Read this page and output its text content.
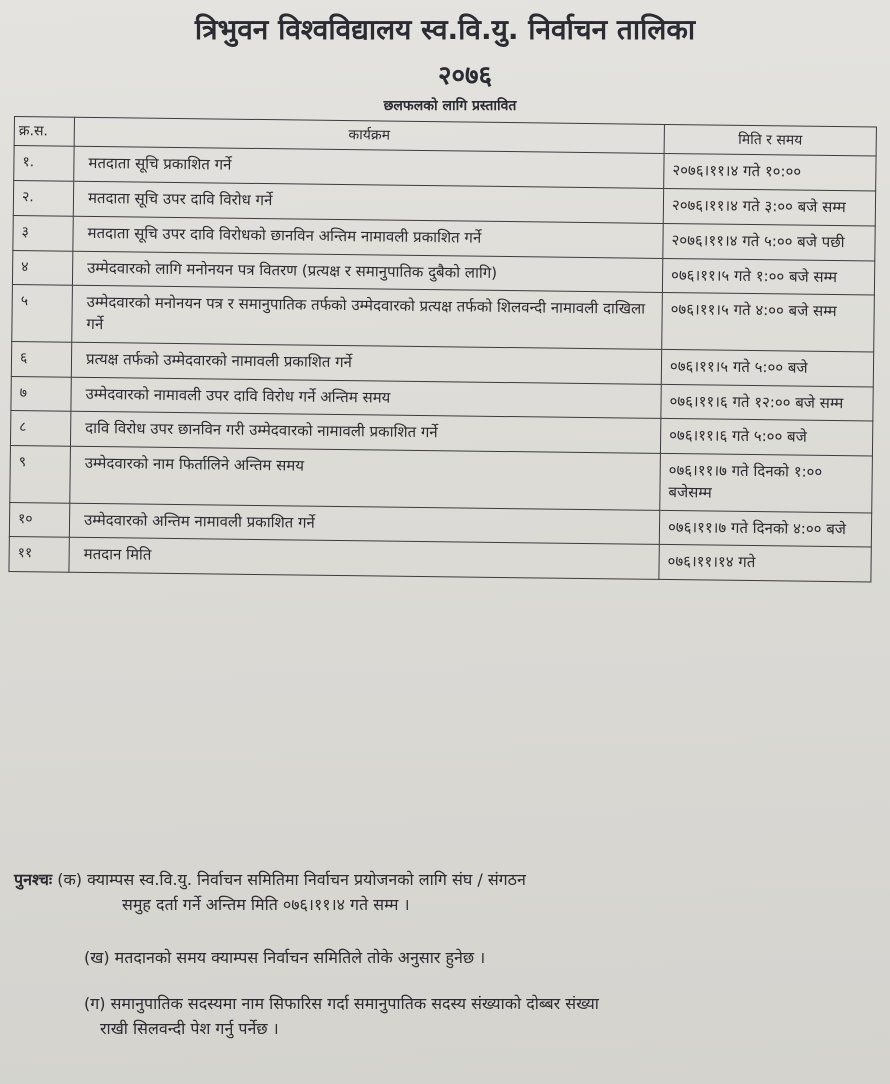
त्रिभुवन विश्वविद्यालय स्व.वि.यु. निर्वाचन तालिका
२०७६
छलफलको लागि प्रस्तावित
क्र.स.	कार्यक्रम	मिति र समय
१.	मतदाता सूचि प्रकाशित गर्ने	२०७६।११।४ गते १०:००
२.	मतदाता सूचि उपर दावि विरोध गर्ने	२०७६।११।४ गते ३:०० बजे सम्म
३	मतदाता सूचि उपर दावि विरोधको छानविन अन्तिम नामावली प्रकाशित गर्ने	२०७६।११।४ गते ५:०० बजे पछी
४	उम्मेदवारको लागि मनोनयन पत्र वितरण (प्रत्यक्ष र समानुपातिक दुबैको लागि)	०७६।११।५ गते १:०० बजे सम्म
५	उम्मेदवारको मनोनयन पत्र र समानुपातिक तर्फको उम्मेदवारको प्रत्यक्ष तर्फको शिलवन्दी नामावली दाखिला गर्ने	०७६।११।५ गते ४:०० बजे सम्म
६	प्रत्यक्ष तर्फको उम्मेदवारको नामावली प्रकाशित गर्ने	०७६।११।५ गते ५:०० बजे
७	उम्मेदवारको नामावली उपर दावि विरोध गर्ने अन्तिम समय	०७६।११।६ गते १२:०० बजे सम्म
८	दावि विरोध उपर छानविन गरी उम्मेदवारको नामावली प्रकाशित गर्ने	०७६।११।६ गते ५:०० बजे
९	उम्मेदवारको नाम फिर्तालिने अन्तिम समय	०७६।११।७ गते दिनको १:०० बजेसम्म
१०	उम्मेदवारको अन्तिम नामावली प्रकाशित गर्ने	०७६।११।७ गते दिनको ४:०० बजे
११	मतदान मिति	०७६।११।१४ गते
पुनश्चः (क) क्याम्पस स्व.वि.यु. निर्वाचन समितिमा निर्वाचन प्रयोजनको लागि संघ / संगठन
समुह दर्ता गर्ने अन्तिम मिति ०७६।११।४ गते सम्म ।
(ख) मतदानको समय क्याम्पस निर्वाचन समितिले तोके अनुसार हुनेछ ।
(ग) समानुपातिक सदस्यमा नाम सिफारिस गर्दा समानुपातिक सदस्य संख्याको दोब्बर संख्या
राखी सिलवन्दी पेश गर्नु पर्नेछ ।
